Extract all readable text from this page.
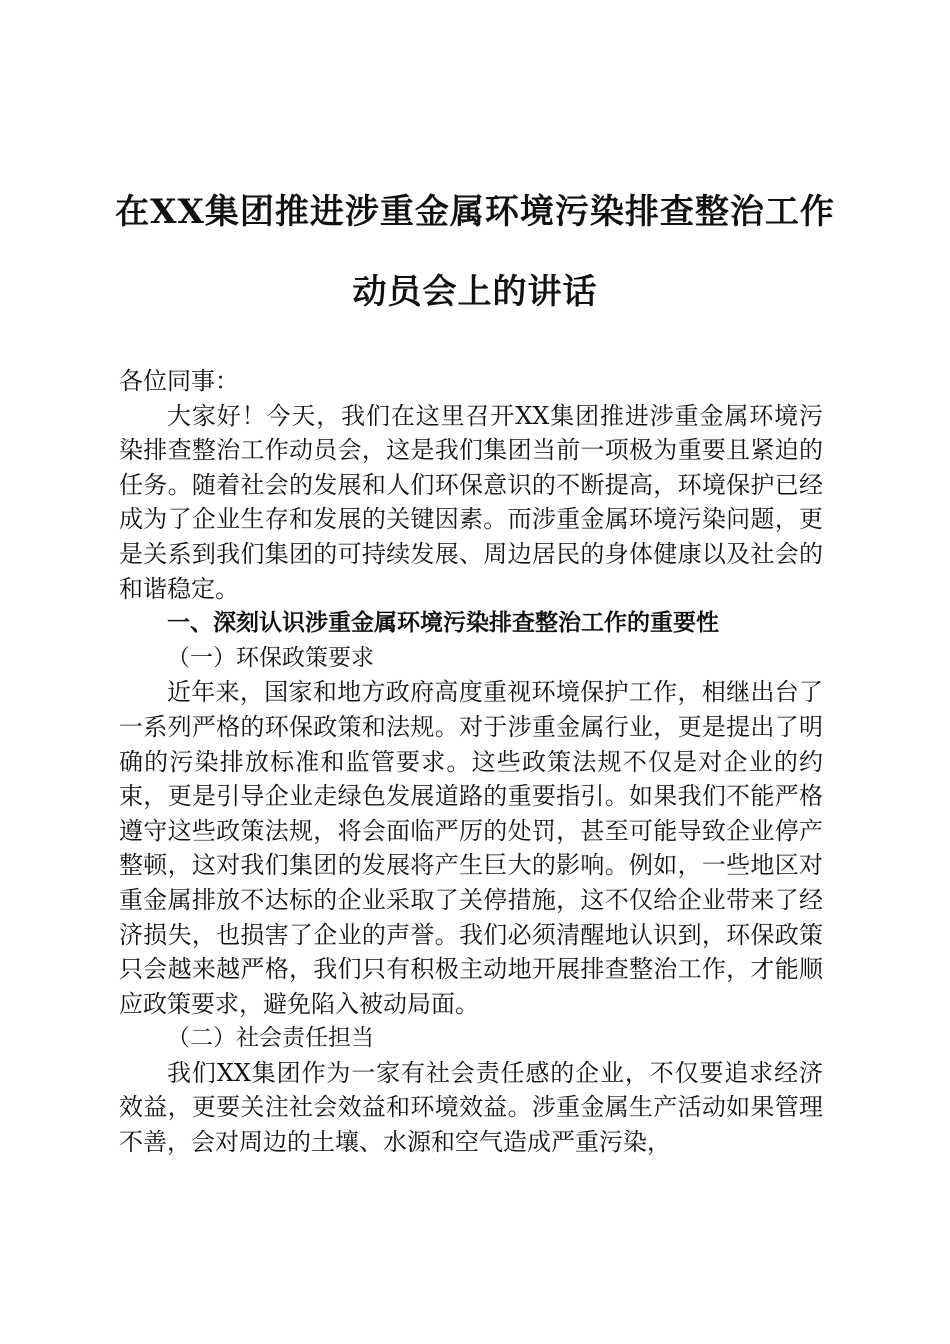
在XX集团推进涉重金属环境污染排查整治工作动员会上的讲话

各位同事：

大家好！今天，我们在这里召开XX集团推进涉重金属环境污染排查整治工作动员会，这是我们集团当前一项极为重要且紧迫的任务。随着社会的发展和人们环保意识的不断提高，环境保护已经成为了企业生存和发展的关键因素。而涉重金属环境污染问题，更是关系到我们集团的可持续发展、周边居民的身体健康以及社会的和谐稳定。

一、深刻认识涉重金属环境污染排查整治工作的重要性

（一）环保政策要求

近年来，国家和地方政府高度重视环境保护工作，相继出台了一系列严格的环保政策和法规。对于涉重金属行业，更是提出了明确的污染排放标准和监管要求。这些政策法规不仅是对企业的约束，更是引导企业走绿色发展道路的重要指引。如果我们不能严格遵守这些政策法规，将会面临严厉的处罚，甚至可能导致企业停产整顿，这对我们集团的发展将产生巨大的影响。例如，一些地区对重金属排放不达标的企业采取了关停措施，这不仅给企业带来了经济损失，也损害了企业的声誉。我们必须清醒地认识到，环保政策只会越来越严格，我们只有积极主动地开展排查整治工作，才能顺应政策要求，避免陷入被动局面。

（二）社会责任担当

我们XX集团作为一家有社会责任感的企业，不仅要追求经济效益，更要关注社会效益和环境效益。涉重金属生产活动如果管理不善，会对周边的土壤、水源和空气造成严重污染，
